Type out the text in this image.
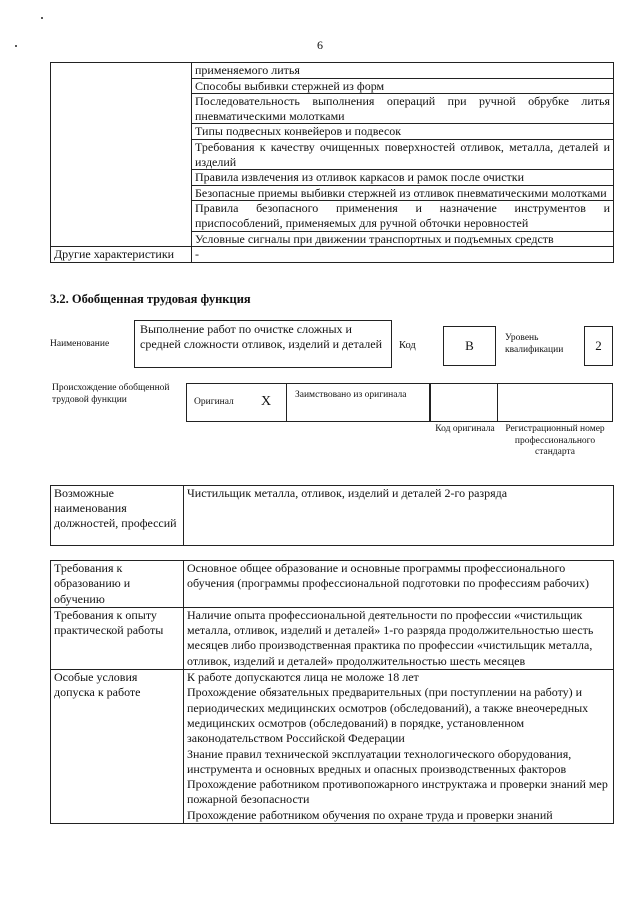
6
	применяемого литья
	Способы выбивки стержней из форм
	Последовательность выполнения операций при ручной обрубке литья пневматическими молотками
	Типы подвесных конвейеров и подвесок
	Требования к качеству очищенных поверхностей отливок, металла, деталей и изделий
	Правила извлечения из отливок каркасов и рамок после очистки
	Безопасные приемы выбивки стержней из отливок пневматическими молотками
	Правила безопасного применения и назначение инструментов и приспособлений, применяемых для ручной обточки неровностей
	Условные сигналы при движении транспортных и подъемных средств
Другие характеристики	-
3.2. Обобщенная трудовая функция
Наименование
Выполнение работ по очистке сложных и средней сложности отливок, изделий и деталей	Код	B	Уровень квалификации	2
Происхождение обобщенной трудовой функции	Оригинал X	Заимствовано из оригинала
Код оригинала	Регистрационный номер профессионального стандарта
Возможные наименования должностей, профессий	Чистильщик металла, отливок, изделий и деталей 2-го разряда
Требования к образованию и обучению	Основное общее образование и основные программы профессионального обучения (программы профессиональной подготовки по профессиям рабочих)
Требования к опыту практической работы	Наличие опыта профессиональной деятельности по профессии «чистильщик металла, отливок, изделий и деталей» 1-го разряда продолжительностью шесть месяцев либо производственная практика по профессии «чистильщик металла, отливок, изделий и деталей» продолжительностью шесть месяцев
Особые условия допуска к работе	К работе допускаются лица не моложе 18 лет
Прохождение обязательных предварительных (при поступлении на работу) и периодических медицинских осмотров (обследований), а также внеочередных медицинских осмотров (обследований) в порядке, установленном законодательством Российской Федерации
Знание правил технической эксплуатации технологического оборудования, инструмента и основных вредных и опасных производственных факторов
Прохождение работником противопожарного инструктажа и проверки знаний мер пожарной безопасности
Прохождение работником обучения по охране труда и проверки знаний
